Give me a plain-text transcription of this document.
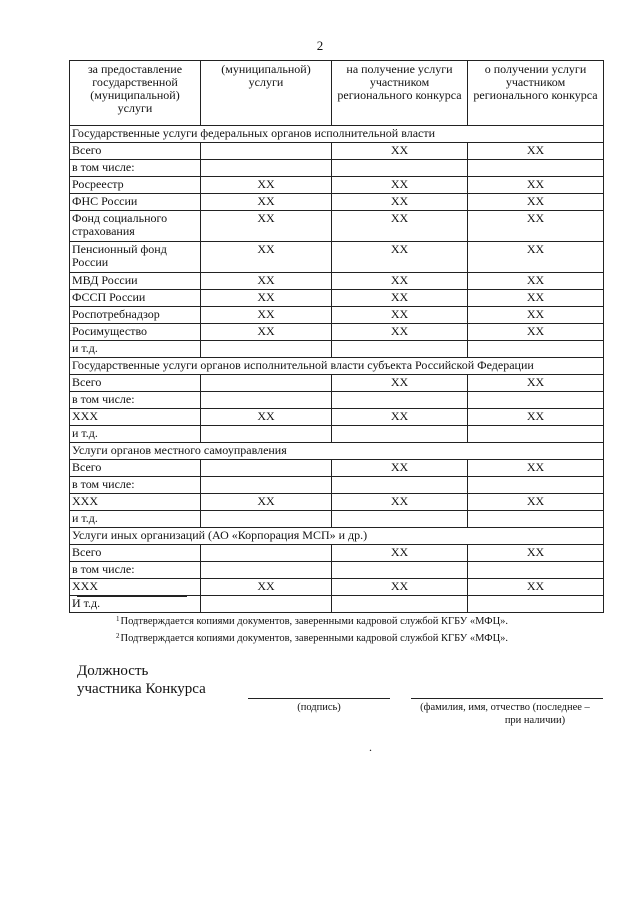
2
за предоставление государственной (муниципальной) услуги	(муниципальной) услуги	на получение услуги участником регионального конкурса	о получении услуги участником регионального конкурса
Государственные услуги федеральных органов исполнительной власти			
Всего		ХХ	ХХ
в том числе:			
Росреестр	ХХ	ХХ	ХХ
ФНС России	ХХ	ХХ	ХХ
Фонд социального страхования	ХХ	ХХ	ХХ
Пенсионный фонд России	ХХ	ХХ	ХХ
МВД России	ХХ	ХХ	ХХ
ФССП России	ХХ	ХХ	ХХ
Роспотребнадзор	ХХ	ХХ	ХХ
Росимущество	ХХ	ХХ	ХХ
и т.д.			
Государственные услуги органов исполнительной власти субъекта Российской Федерации			
Всего		ХХ	ХХ
в том числе:			
ХХХ	ХХ	ХХ	ХХ
и т.д.			
Услуги органов местного самоуправления			
Всего		ХХ	ХХ
в том числе:			
ХХХ	ХХ	ХХ	ХХ
и т.д.			
Услуги иных организаций (АО «Корпорация МСП» и др.)			
Всего		ХХ	ХХ
в том числе:			
ХХХ	ХХ	ХХ	ХХ
И т.д.			
$^1$Подтверждается копиями документов, заверенными кадровой службой КГБУ «МФЦ».
$^2$Подтверждается копиями документов, заверенными кадровой службой КГБУ «МФЦ».
Должность
участника Конкурса
(подпись)	(фамилия, имя, отчество (последнее –
при наличии)
.
